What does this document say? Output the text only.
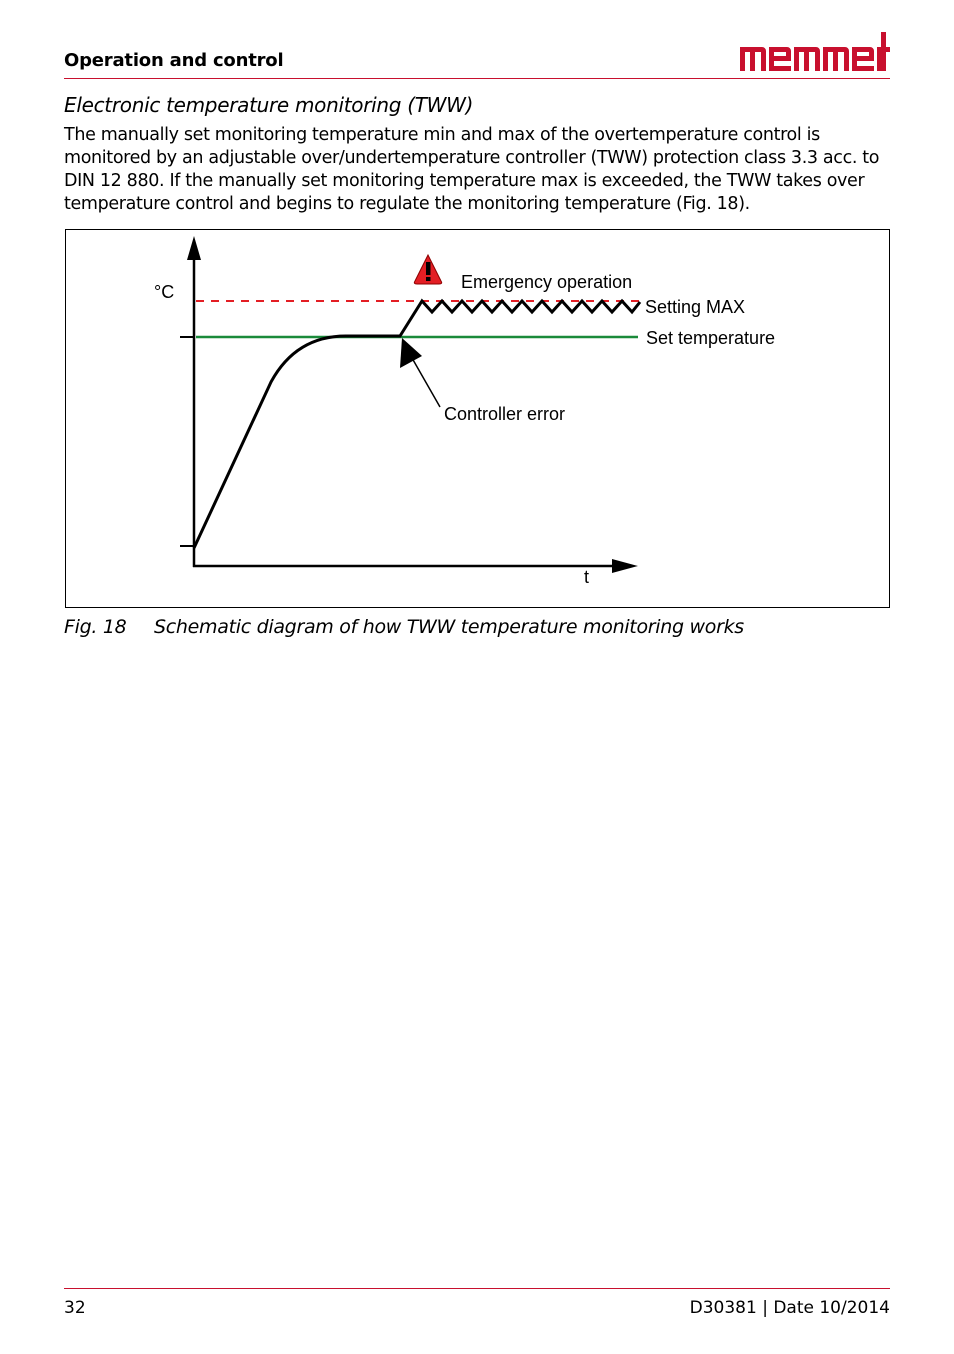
Operation and control
Electronic temperature monitoring (TWW)
The manually set monitoring temperature min and max of the overtemperature control is monitored by an adjustable over/undertemperature controller (TWW) protection class 3.3 acc. to DIN 12 880. If the manually set monitoring temperature max is exceeded, the TWW takes over temperature control and begins to regulate the monitoring temperature (Fig. 18).
°C
t
Emergency operation
Setting MAX
Set temperature
Controller error
Fig. 18 Schematic diagram of how TWW temperature monitoring works
32	D30381 | Date 10/2014
